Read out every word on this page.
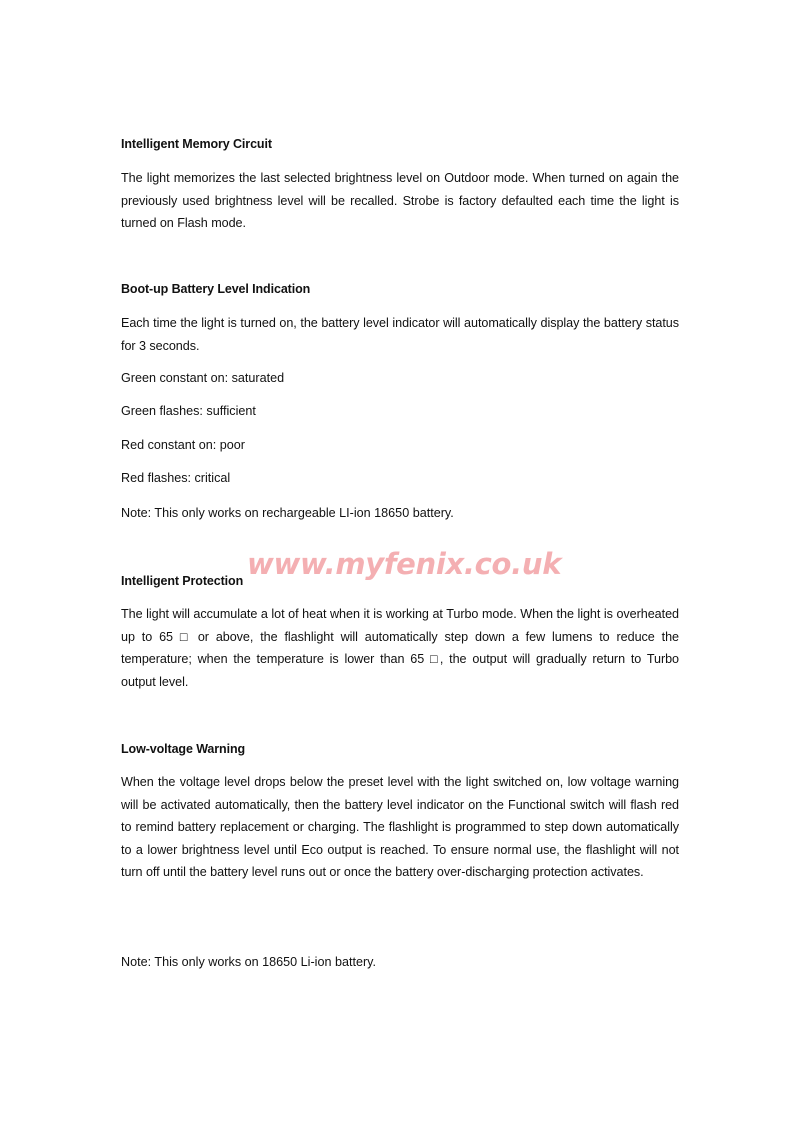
Intelligent Memory Circuit
The light memorizes the last selected brightness level on Outdoor mode. When turned on again the previously used brightness level will be recalled. Strobe is factory defaulted each time the light is turned on Flash mode.
Boot-up Battery Level Indication
Each time the light is turned on, the battery level indicator will automatically display the battery status for 3 seconds.
Green constant on: saturated
Green flashes: sufficient
Red constant on: poor
Red flashes: critical
Note: This only works on rechargeable LI-ion 18650 battery.
www.myfenix.co.uk
Intelligent Protection
The light will accumulate a lot of heat when it is working at Turbo mode. When the light is overheated up to 65 □ or above, the flashlight will automatically step down a few lumens to reduce the temperature; when the temperature is lower than 65 □, the output will gradually return to Turbo output level.
Low-voltage Warning
When the voltage level drops below the preset level with the light switched on, low voltage warning will be activated automatically, then the battery level indicator on the Functional switch will flash red to remind battery replacement or charging. The flashlight is programmed to step down automatically to a lower brightness level until Eco output is reached. To ensure normal use, the flashlight will not turn off until the battery level runs out or once the battery over-discharging protection activates.
Note: This only works on 18650 Li-ion battery.
